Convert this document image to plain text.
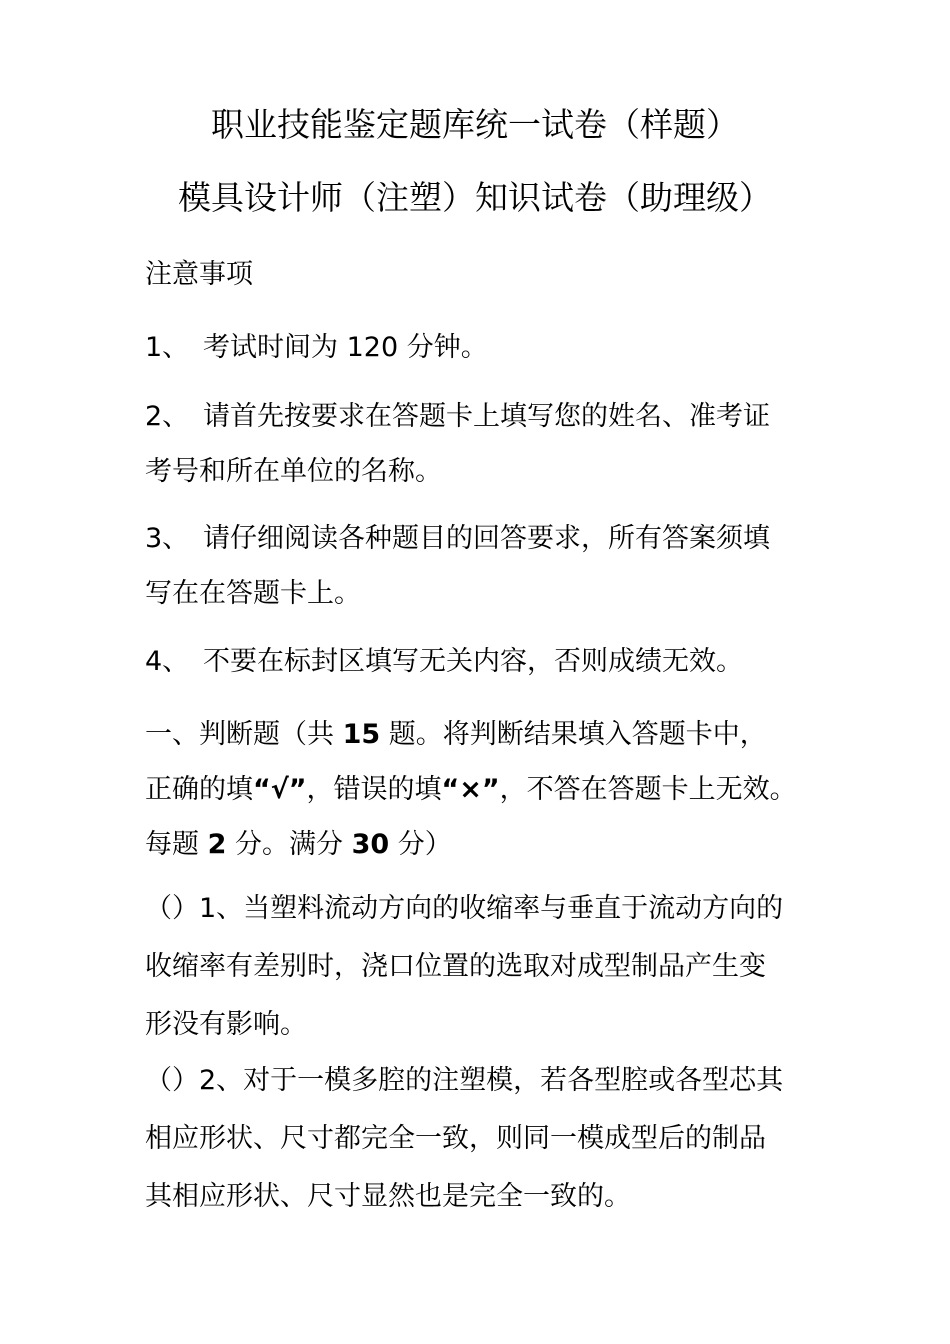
职业技能鉴定题库统一试卷（样题）
模具设计师（注塑）知识试卷（助理级）
注意事项
1、 考试时间为 120 分钟。
2、 请首先按要求在答题卡上填写您的姓名、准考证
考号和所在单位的名称。
3、 请仔细阅读各种题目的回答要求，所有答案须填
写在在答题卡上。
4、 不要在标封区填写无关内容，否则成绩无效。
一、判断题（共 15 题。将判断结果填入答题卡中，
正确的填“√”，错误的填“×”，不答在答题卡上无效。
每题 2 分。满分 30 分）
（）1、当塑料流动方向的收缩率与垂直于流动方向的
收缩率有差别时，浇口位置的选取对成型制品产生变
形没有影响。
（）2、对于一模多腔的注塑模，若各型腔或各型芯其
相应形状、尺寸都完全一致，则同一模成型后的制品
其相应形状、尺寸显然也是完全一致的。
